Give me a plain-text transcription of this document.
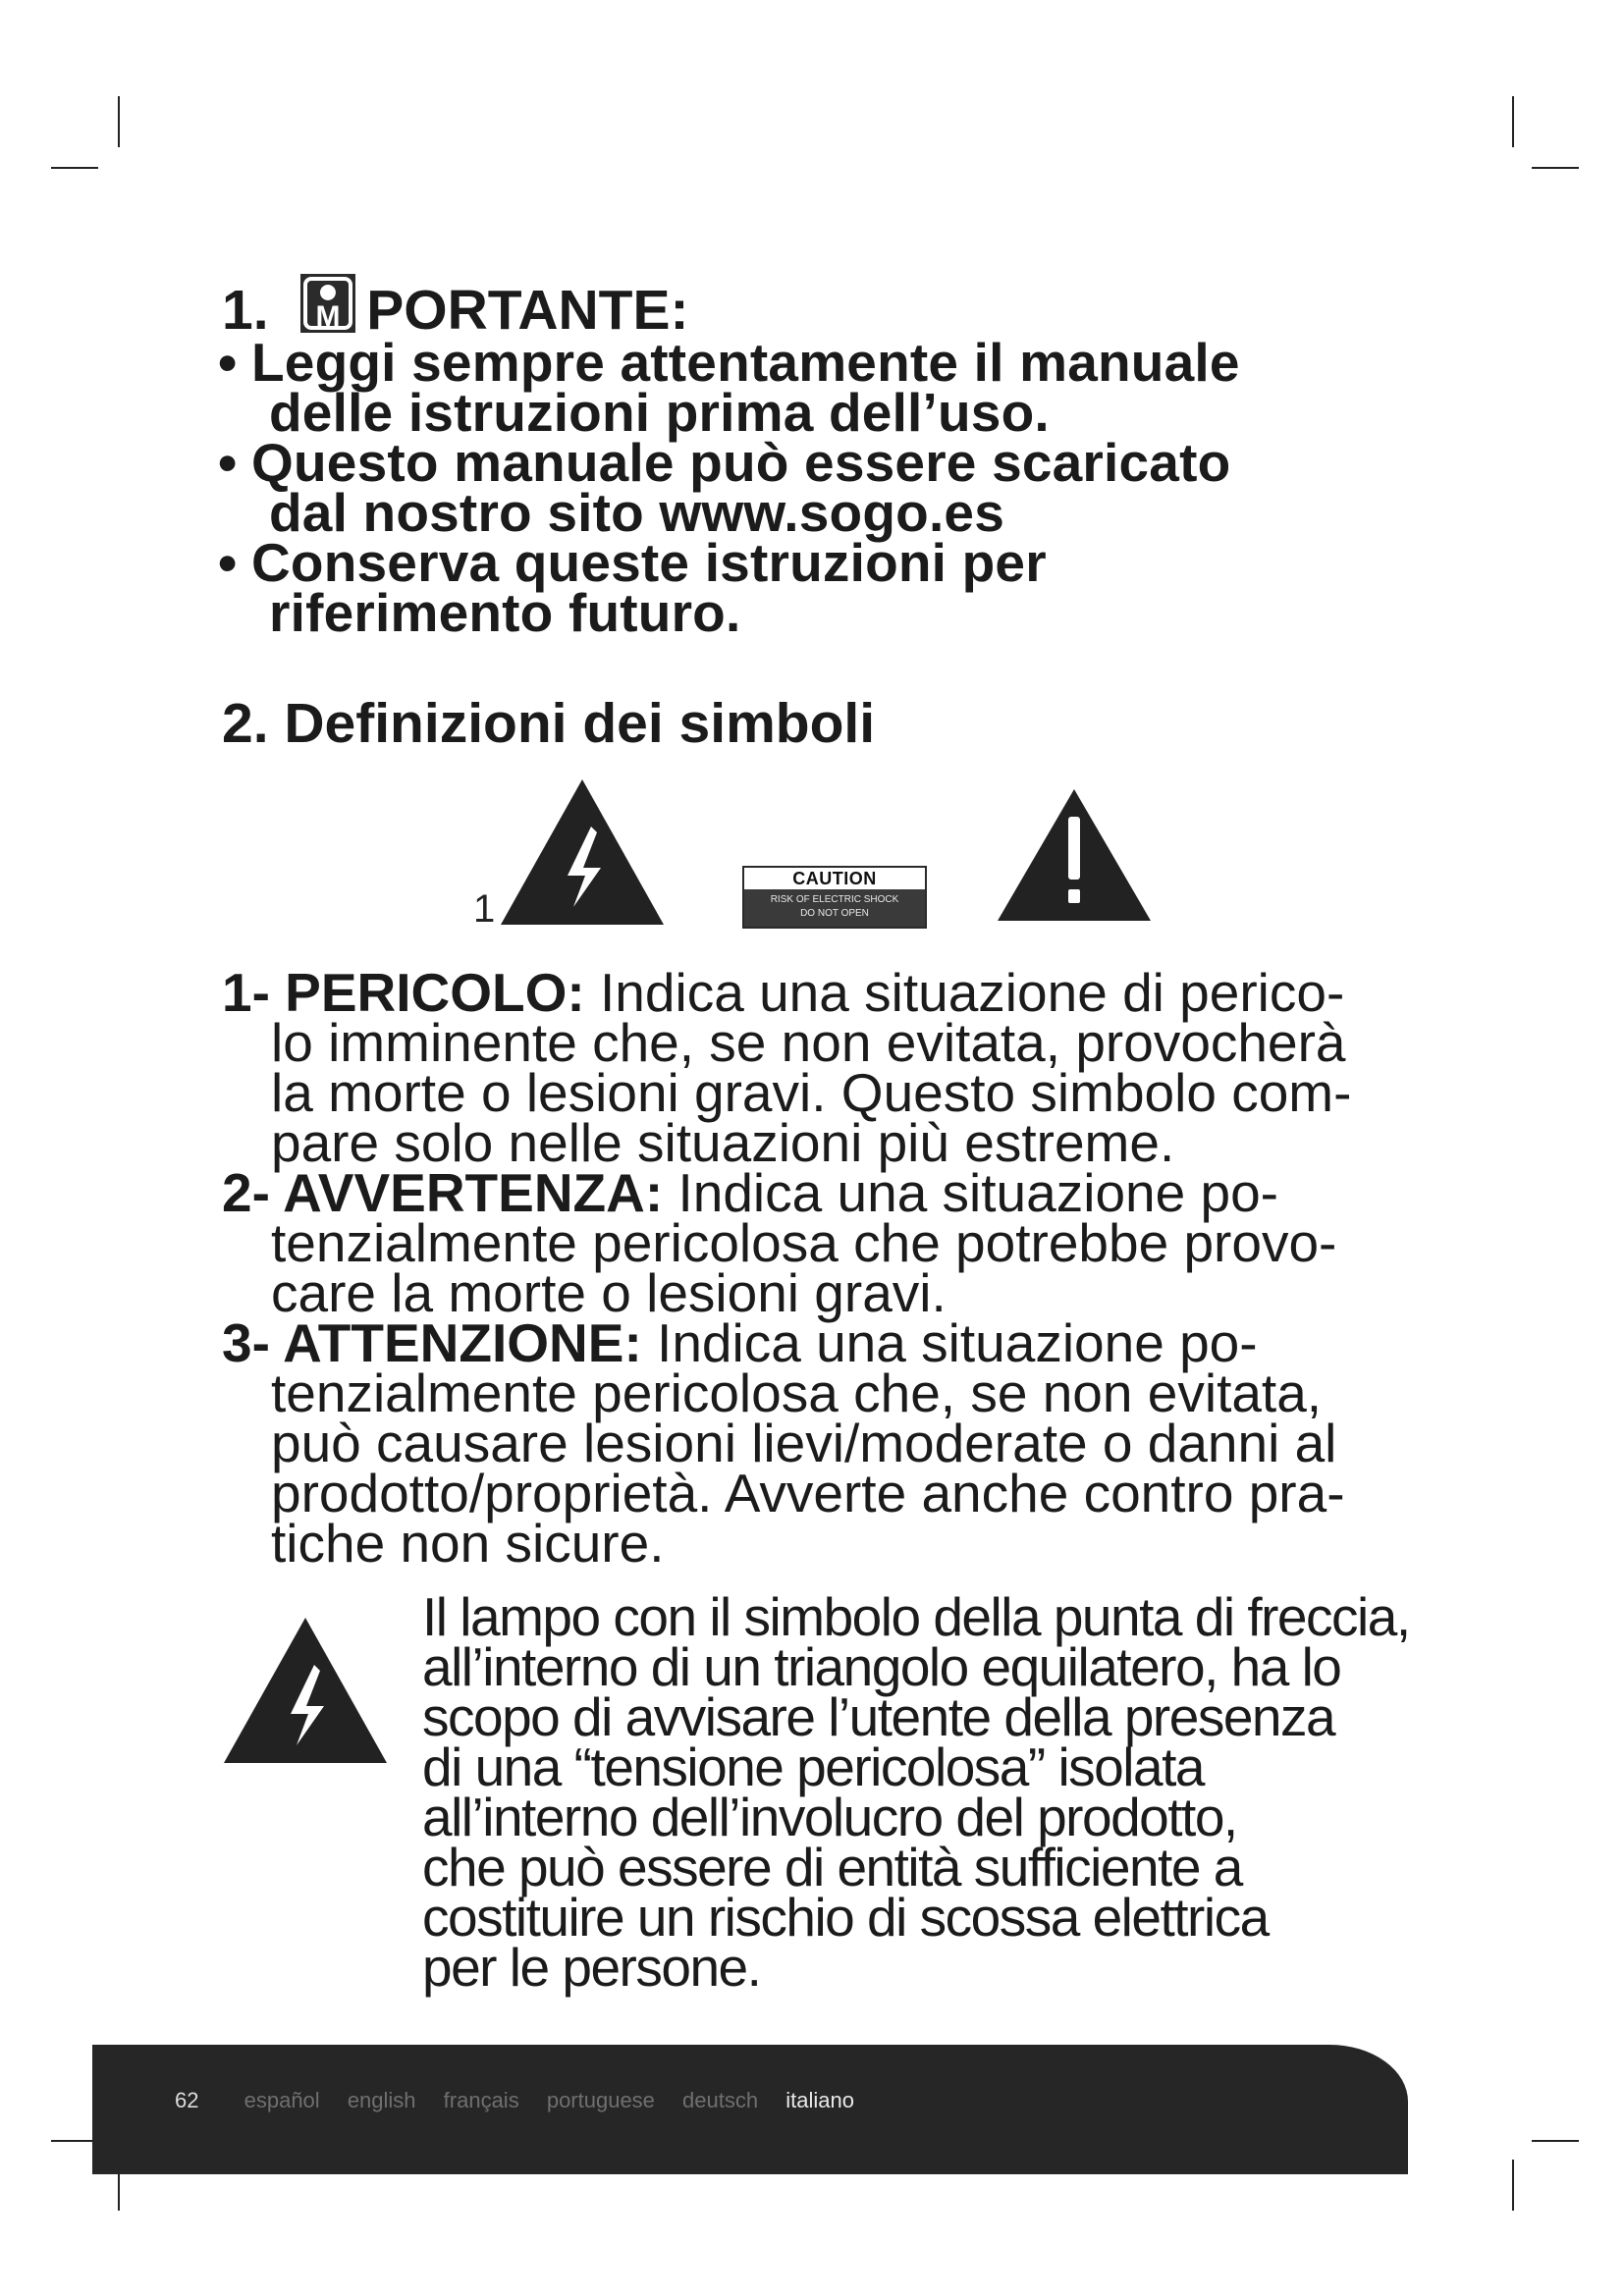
1. M PORTANTE:
• Leggi sempre attentamente il manuale
delle istruzioni prima dell’uso.
• Questo manuale può essere scaricato
dal nostro sito www.sogo.es
• Conserva queste istruzioni per
riferimento futuro.
2. Definizioni dei simboli
1 2 3
CAUTION
RISK OF ELECTRIC SHOCK
DO NOT OPEN
1- PERICOLO: Indica una situazione di perico-
lo imminente che, se non evitata, provocherà
la morte o lesioni gravi. Questo simbolo com-
pare solo nelle situazioni più estreme.
2- AVVERTENZA: Indica una situazione po-
tenzialmente pericolosa che potrebbe provo-
care la morte o lesioni gravi.
3- ATTENZIONE: Indica una situazione po-
tenzialmente pericolosa che, se non evitata,
può causare lesioni lievi/moderate o danni al
prodotto/proprietà. Avverte anche contro pra-
tiche non sicure.
Il lampo con il simbolo della punta di freccia,
all’interno di un triangolo equilatero, ha lo
scopo di avvisare l’utente della presenza
di una “tensione pericolosa” isolata
all’interno dell’involucro del prodotto,
che può essere di entità sufficiente a
costituire un rischio di scossa elettrica
per le persone.
62 español english français portuguese deutsch italiano
